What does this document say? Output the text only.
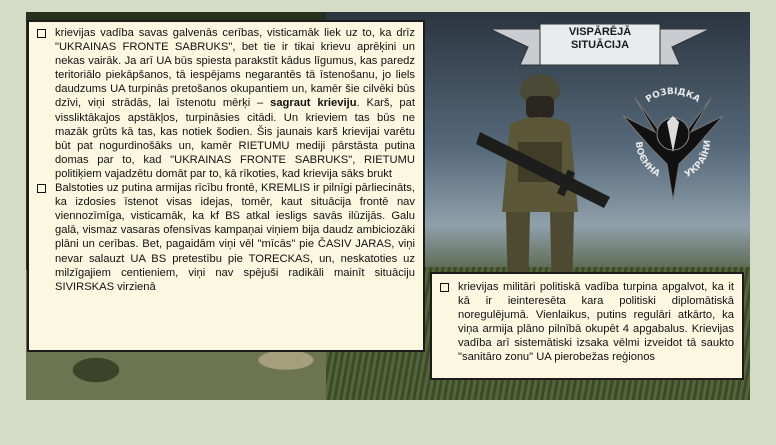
VISPĀRĒJĀ SITUĀCIJA
РОЗВІДКА
ВОЄННА УКРАЇНИ

krievijas vadība savas galvenās cerības, visticamāk liek uz to, ka drīz "UKRAINAS FRONTE SABRUKS", bet tie ir tikai krievu aprēķini un nekas vairāk. Ja arī UA būs spiesta parakstīt kādus līgumus, kas paredz teritoriālo piekāpšanos, tā iespējams negarantēs tā īstenošanu, jo liels daudzums UA turpinās pretošanos okupantiem un, kamēr šie cilvēki būs dzīvi, viņi strādās, lai īstenotu mērķi – sagraut krieviju. Karš, pat vissliktākajos apstākļos, turpināsies citādi. Un krieviem tas būs ne mazāk grūts kā tas, kas notiek šodien. Šis jaunais karš krievijai varētu būt pat nogurdinošāks un, kamēr RIETUMU mediji pārstāsta putina domas par to, kad "UKRAINAS FRONTE SABRUKS", RIETUMU politiķiem vajadzētu domāt par to, kā rīkoties, kad krievija sāks brukt

Balstoties uz putina armijas rīcību frontē, KREMLIS ir pilnīgi pārliecināts, ka izdosies īstenot visas idejas, tomēr, kaut situācija frontē nav viennozīmīga, visticamāk, ka kf BS atkal iesligs savās ilūzijās. Galu galā, vismaz vasaras ofensīvas kampaņai viņiem bija daudz ambiciozāki plāni un cerības. Bet, pagaidām viņi vēl "mīcās" pie ČASIV JARAS, viņi nevar salauzt UA BS pretestību pie TORECKAS, un, neskatoties uz milzīgajiem centieniem, viņi nav spējuši radikāli mainīt situāciju SIVIRSKAS virzienā	krievijas militāri politiskā vadība turpina apgalvot, ka it kā ir ieinteresēta kara politiski diplomātiskā noregulējumā. Vienlaikus, putins regulāri atkārto, ka viņa armija plāno pilnībā okupēt 4 apgabalus. Krievijas vadība arī sistemātiski izsaka vēlmi izveidot tā saukto "sanitāro zonu" UA pierobežas reģionos
